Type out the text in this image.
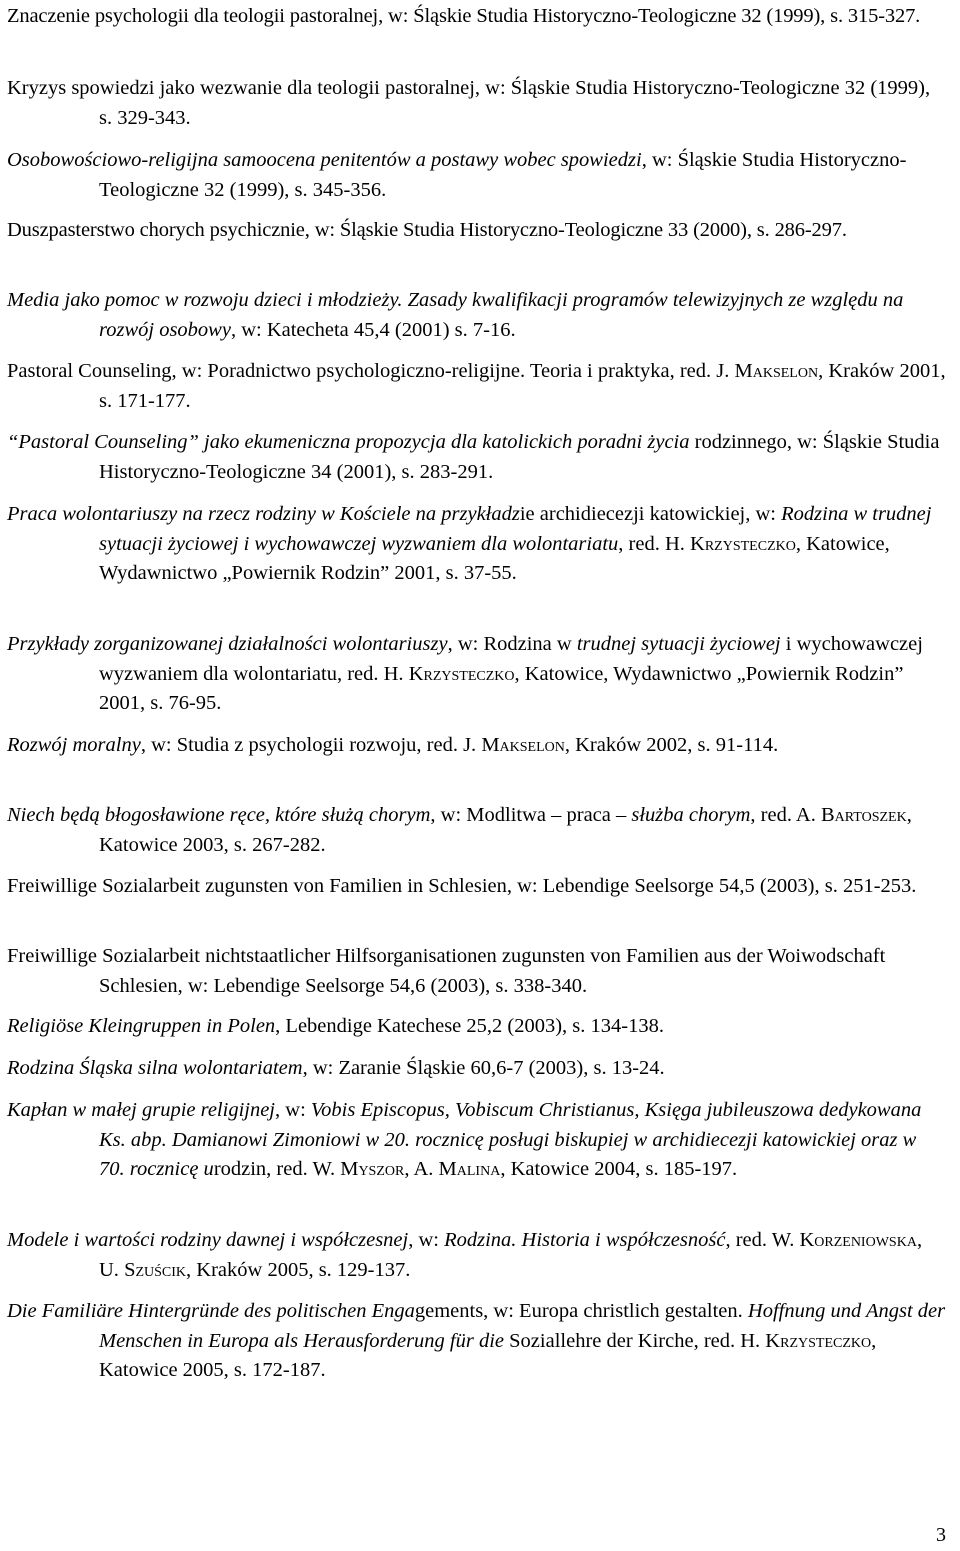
Znaczenie psychologii dla teologii pastoralnej, w: Śląskie Studia Historyczno-Teologiczne 32 (1999), s. 315-327.
Kryzys spowiedzi jako wezwanie dla teologii pastoralnej, w: Śląskie Studia Historyczno-Teologiczne 32 (1999), s. 329-343.
Osobowościowo-religijna samoocena penitentów a postawy wobec spowiedzi, w: Śląskie Studia Historyczno-Teologiczne 32 (1999), s. 345-356.
Duszpasterstwo chorych psychicznie, w: Śląskie Studia Historyczno-Teologiczne 33 (2000), s. 286-297.
Media jako pomoc w rozwoju dzieci i młodzieży. Zasady kwalifikacji programów telewizyjnych ze względu na rozwój osobowy, w: Katecheta 45,4 (2001) s. 7-16.
Pastoral Counseling, w: Poradnictwo psychologiczno-religijne. Teoria i praktyka, red. J. Makselon, Kraków 2001, s. 171-177.
“Pastoral Counseling” jako ekumeniczna propozycja dla katolickich poradni życia rodzinnego, w: Śląskie Studia Historyczno-Teologiczne 34 (2001), s. 283-291.
Praca wolontariuszy na rzecz rodziny w Kościele na przykładzie archidiecezji katowickiej, w: Rodzina w trudnej sytuacji życiowej i wychowawczej wyzwaniem dla wolontariatu, red. H. Krzysteczko, Katowice, Wydawnictwo „Powiernik Rodzin” 2001, s. 37-55.
Przykłady zorganizowanej działalności wolontariuszy, w: Rodzina w trudnej sytuacji życiowej i wychowawczej wyzwaniem dla wolontariatu, red. H. Krzysteczko, Katowice, Wydawnictwo „Powiernik Rodzin” 2001, s. 76-95.
Rozwój moralny, w: Studia z psychologii rozwoju, red. J. Makselon, Kraków 2002, s. 91-114.
Niech będą błogosławione ręce, które służą chorym, w: Modlitwa – praca – służba chorym, red. A. Bartoszek, Katowice 2003, s. 267-282.
Freiwillige Sozialarbeit zugunsten von Familien in Schlesien, w: Lebendige Seelsorge 54,5 (2003), s. 251-253.
Freiwillige Sozialarbeit nichtstaatlicher Hilfsorganisationen zugunsten von Familien aus der Woiwodschaft Schlesien, w: Lebendige Seelsorge 54,6 (2003), s. 338-340.
Religiöse Kleingruppen in Polen, Lebendige Katechese 25,2 (2003), s. 134-138.
Rodzina Śląska silna wolontariatem, w: Zaranie Śląskie 60,6-7 (2003), s. 13-24.
Kapłan w małej grupie religijnej, w: Vobis Episcopus, Vobiscum Christianus, Księga jubileuszowa dedykowana Ks. abp. Damianowi Zimoniowi w 20. rocznicę posługi biskupiej w archidiecezji katowickiej oraz w 70. rocznicę urodzin, red. W. Myszor, A. Malina, Katowice 2004, s. 185-197.
Modele i wartości rodziny dawnej i współczesnej, w: Rodzina. Historia i współczesność, red. W. Korzeniowska, U. Szuścik, Kraków 2005, s. 129-137.
Die Familiäre Hintergründe des politischen Engagements, w: Europa christlich gestalten. Hoffnung und Angst der Menschen in Europa als Herausforderung für die Soziallehre der Kirche, red. H. Krzysteczko, Katowice 2005, s. 172-187.
3
